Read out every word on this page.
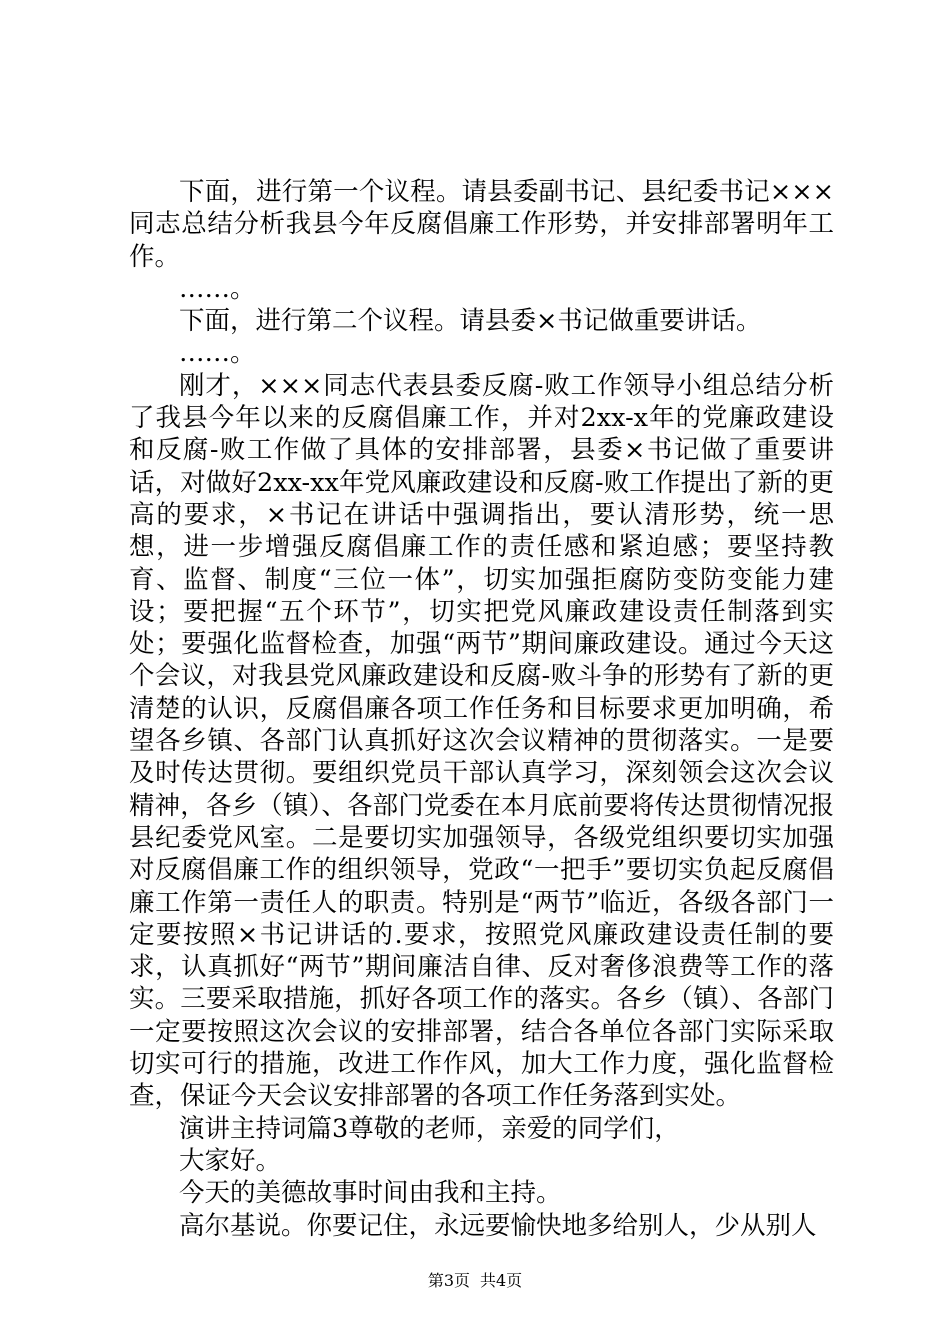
下面，进行第一个议程。请县委副书记、县纪委书记×××同志总结分析我县今年反腐倡廉工作形势，并安排部署明年工作。

……。

下面，进行第二个议程。请县委×书记做重要讲话。

……。

刚才，×××同志代表县委反腐-败工作领导小组总结分析了我县今年以来的反腐倡廉工作，并对2xx-x年的党廉政建设和反腐-败工作做了具体的安排部署，县委×书记做了重要讲话，对做好2xx-xx年党风廉政建设和反腐-败工作提出了新的更高的要求，×书记在讲话中强调指出，要认清形势，统一思想，进一步增强反腐倡廉工作的责任感和紧迫感；要坚持教育、监督、制度“三位一体”，切实加强拒腐防变防变能力建设；要把握“五个环节”，切实把党风廉政建设责任制落到实处；要强化监督检查，加强“两节”期间廉政建设。通过今天这个会议，对我县党风廉政建设和反腐-败斗争的形势有了新的更清楚的认识，反腐倡廉各项工作任务和目标要求更加明确，希望各乡镇、各部门认真抓好这次会议精神的贯彻落实。一是要及时传达贯彻。要组织党员干部认真学习，深刻领会这次会议精神，各乡（镇）、各部门党委在本月底前要将传达贯彻情况报县纪委党风室。二是要切实加强领导，各级党组织要切实加强对反腐倡廉工作的组织领导，党政“一把手”要切实负起反腐倡廉工作第一责任人的职责。特别是“两节”临近，各级各部门一定要按照×书记讲话的.要求，按照党风廉政建设责任制的要求，认真抓好“两节”期间廉洁自律、反对奢侈浪费等工作的落实。三要采取措施，抓好各项工作的落实。各乡（镇）、各部门一定要按照这次会议的安排部署，结合各单位各部门实际采取切实可行的措施，改进工作作风，加大工作力度，强化监督检查，保证今天会议安排部署的各项工作任务落到实处。

演讲主持词篇3尊敬的老师，亲爱的同学们，

大家好。

今天的美德故事时间由我和主持。

高尔基说。你要记住，永远要愉快地多给别人，少从别人

第3页 共4页
